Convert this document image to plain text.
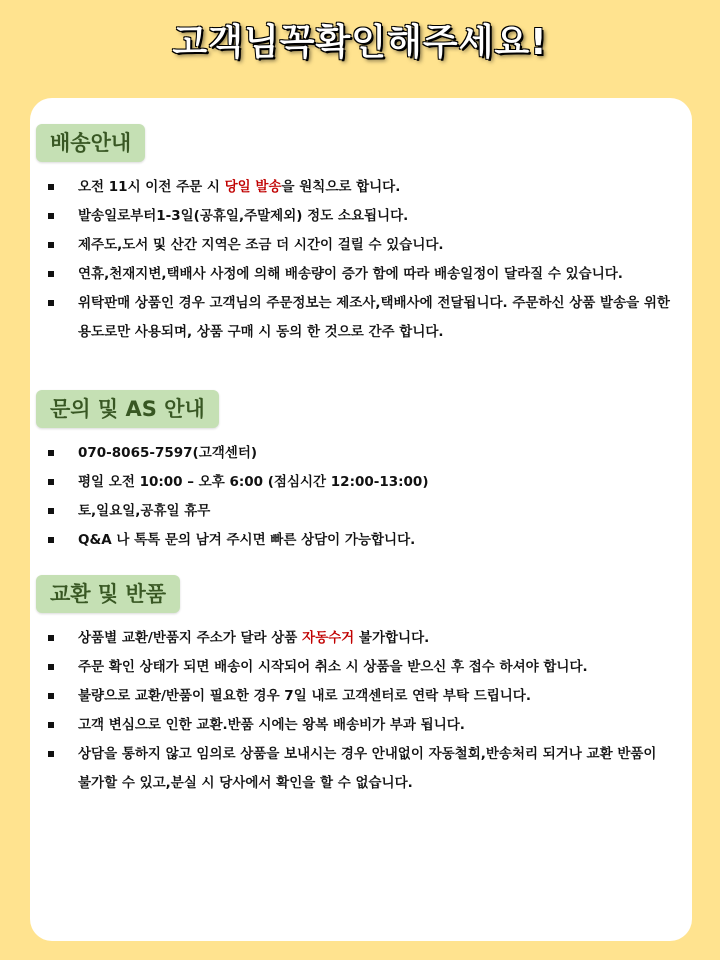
고객님꼭확인해주세요!
배송안내
오전 11시 이전 주문 시 당일 발송을 원칙으로 합니다.
발송일로부터1-3일(공휴일,주말제외) 정도 소요됩니다.
제주도,도서 및 산간 지역은 조금 더 시간이 걸릴 수 있습니다.
연휴,천재지변,택배사 사정에 의해 배송량이 증가 함에 따라 배송일정이 달라질 수 있습니다.
위탁판매 상품인 경우 고객님의 주문정보는 제조사,택배사에 전달됩니다. 주문하신 상품 발송을 위한용도로만 사용되며, 상품 구매 시 동의 한 것으로 간주 합니다.
문의 및 AS 안내
070-8065-7597(고객센터)
평일 오전 10:00 – 오후 6:00 (점심시간 12:00-13:00)
토,일요일,공휴일 휴무
Q&A 나 톡톡 문의 남겨 주시면 빠른 상담이 가능합니다.
교환 및 반품
상품별 교환/반품지 주소가 달라 상품 자동수거 불가합니다.
주문 확인 상태가 되면 배송이 시작되어 취소 시 상품을 받으신 후 접수 하셔야 합니다.
불량으로 교환/반품이 필요한 경우 7일 내로 고객센터로 연락 부탁 드립니다.
고객 변심으로 인한 교환.반품 시에는 왕복 배송비가 부과 됩니다.
상담을 통하지 않고 임의로 상품을 보내시는 경우 안내없이 자동철회,반송처리 되거나 교환 반품이 불가할 수 있고,분실 시 당사에서 확인을 할 수 없습니다.
